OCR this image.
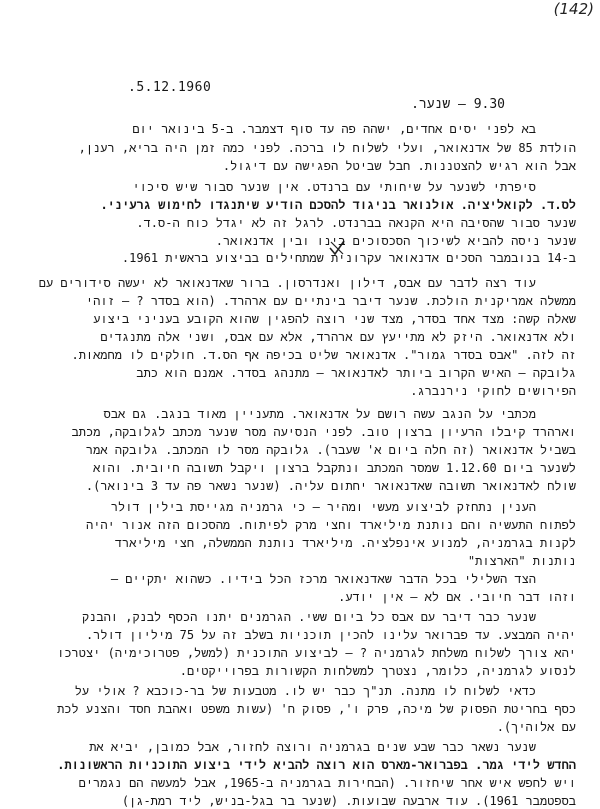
(142)
.5.12.1960
9.30 – שנער.
בא לפני יסים אחדים, ישהה פה עד סוף דצמבר. ב-5 בינואר יום
הולדת 85 של אדנאואר, ועלי לשלוח לו ברכה. לפני כמה זמן היה בריא, רענן,
אבל הוא רגיש להצטננות. חבל שביטל הפגישה עם דיגול.
סיפרתי לשנער על שיחותי עם ברנדט. אין שנער סבור שיש סיכוי
לס.ד. לקואליציה. אולנואר בניגוד להסכם הודיע שיתנגדו לחימוש גרעיני.
שנער סבור שהסיבה היא הקנאה בברנדט. לרגל זה לא יגדל כוח ה-ס.ד.
שנער ניסה להביא לשיכוך הסכסוכים בינו ובין אדנאואר.
ב-14 בנובמבר הסכים אדנאואר עקרונית שמתחילים בביצוע בראשית 1961.
עוד רצה לדבר עם אבס, דילון ואנדרסון. ברור שאדנאואר לא יעשה סידורים עם
ממשלה אמריקנית הולכת. שנער דיבר בינתיים עם ארהרד. (הוא בסדר ? – זוהי
שאלה קשה: מצד אחד בסדר, מצד שני רוצה להפגין שהוא הקובע בעניני ביצוע
ולא אדנאואר. היזק לא מתייעץ עם ארהרד, אלא עם אבס, ושני אלה מתנגדים
זה לזה. "אבס בסדר גמור". אדנאואר שליט בכיפה אף הס.ד. חולקים לו מחמאות.
גלובקה – האיש הקרוב ביותר לאדנאואר – מתנהג בסדר. אמנם הוא כתב
הפירושים לחוקי נירנברג.
מכתבי על הנגב עשה רושם על אדנאואר. מתעניין מאוד בנגב. גם אבס
וארהרד קיבלו הרעיון ברצון טוב. לפני הנסיעה מסר שנער מכתב לגלובקה, מכתב
בשביל אדנאואר (זה חלה ביום א' שעבר). גלובקה מסר לו המכתב. גלובקה אמר
לשנער ביום 1.12.60 שמסר המכתב ונתקבל ברצון ויקבל תשובה חיובית. והוא
שולח לאדנאואר תשובה שאדנאואר יחתום עליה. (שנער נשאר פה עד 3 בינואר).
הענין נתחזק לביצוע מעשי ומהיר – כי גרמניה מגייסת בילין דולר
לפתוח התעשיה והם נותנת מיליארד וחצי מרק לפיתוח. מהסכום הזה אנור יהיה
לקנות בגרמניה, למנוע אינפלציה. מיליארד נותנת הממשלה, חצי מיליארד
נותנות "הארצות"
הצד השלילי בכל הדבר שאדנאואר מרכז הכל בידיו. כשהוא יתקיים –
וזהו דבר חיובי. אם לא – אין יודע.
שנער כבר דיבר עם אבס כל ביום ששי. הגרמנים יתנו הכסף לבנק, והבנק
יהיה המבצע. עד פברואר עלינו להכין תוכניות בשלב זה על 75 מיליון דולר.
יהא צורך לשלוח משלחת לגרמניה ? – לביצוע התוכנית (למשל, פטרוכימיה) יצטרכו
לנסוע לגרמניה, כלומר, נצטרך למשלחות הקשורות בפרוייקטים.
כדאי לשלוח לו מתנה. תנ"ך כבר יש לו. מטבעות של בר-כוכבא ? אולי על
כסף בחריטת הפסוק של מיכה, פרק ו', פסוק ח' (עשות משפט ואהבת חסד והצנע לכת
עם אלוהיך).
שנער נשאר כבר שבע שנים בגרמניה ורוצה לחזור, אבל כמובן, יביא את
החדש לידי גמר. בפברואר-מארס הוא רוצה להביא לידי ביצוע התוכניות הראשונות.
ויש לחפש איש אחר שיחזור. (הבחירות בגרמניה ב-1965, אבל למעשה הם נגמרים
בספטמבר 1961). עוד ארבעה שבועות. (שנער בר בגל-בניש, ליד רמת-גן)
